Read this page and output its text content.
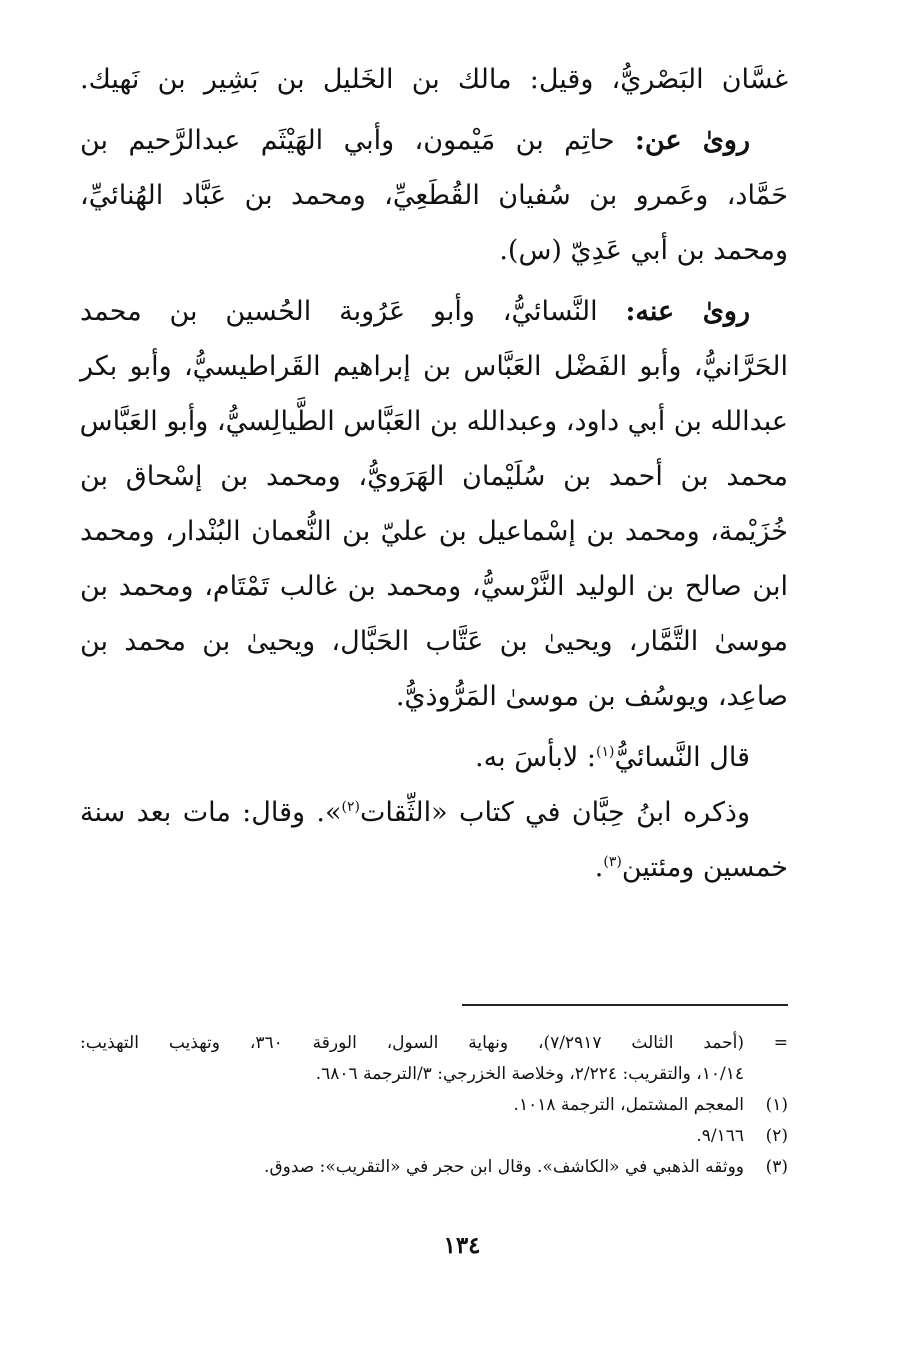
غسَّان البَصْريُّ، وقيل: مالك بن الخَليل بن بَشِير بن نَهيك.
روىٰ عن: حاتِم بن مَيْمون، وأبي الهَيْثَم عبدالرَّحيم بن
حَمَّاد، وعَمرو بن سُفيان القُطَعِيِّ، ومحمد بن عَبَّاد الهُنائيِّ،
ومحمد بن أبي عَدِيّ (س).
روىٰ عنه: النَّسائيُّ، وأبو عَرُوبة الحُسين بن محمد
الحَرَّانيُّ، وأبو الفَضْل العَبَّاس بن إبراهيم القَراطيسيُّ، وأبو بكر
عبدالله بن أبي داود، وعبدالله بن العَبَّاس الطَّيالِسيُّ، وأبو العَبَّاس
محمد بن أحمد بن سُلَيْمان الهَرَويُّ، ومحمد بن إسْحاق بن
خُزَيْمة، ومحمد بن إسْماعيل بن عليّ بن النُّعمان البُنْدار، ومحمد
ابن صالح بن الوليد النَّرْسيُّ، ومحمد بن غالب تَمْتَام، ومحمد بن
موسىٰ التَّمَّار، ويحيىٰ بن عَتَّاب الحَبَّال، ويحيىٰ بن محمد بن
صاعِد، ويوسُف بن موسىٰ المَرُّوذيُّ.
قال النَّسائيُّ$^{(١)}$: لابأسَ به.
وذكره ابنُ حِبَّان في كتاب «الثِّقات$^{(٢)}$». وقال: مات بعد سنة
خمسين ومئتين$^{(٣)}$.
=(أحمد الثالث ٧/٢٩١٧)، ونهاية السول، الورقة ٣٦٠، وتهذيب التهذيب:
١٠/١٤، والتقريب: ٢/٢٢٤، وخلاصة الخزرجي: ٣/الترجمة ٦٨٠٦.
(١)المعجم المشتمل، الترجمة ١٠١٨.
(٢)٩/١٦٦.
(٣)ووثقه الذهبي في «الكاشف». وقال ابن حجر في «التقريب»: صدوق.
١٣٤
